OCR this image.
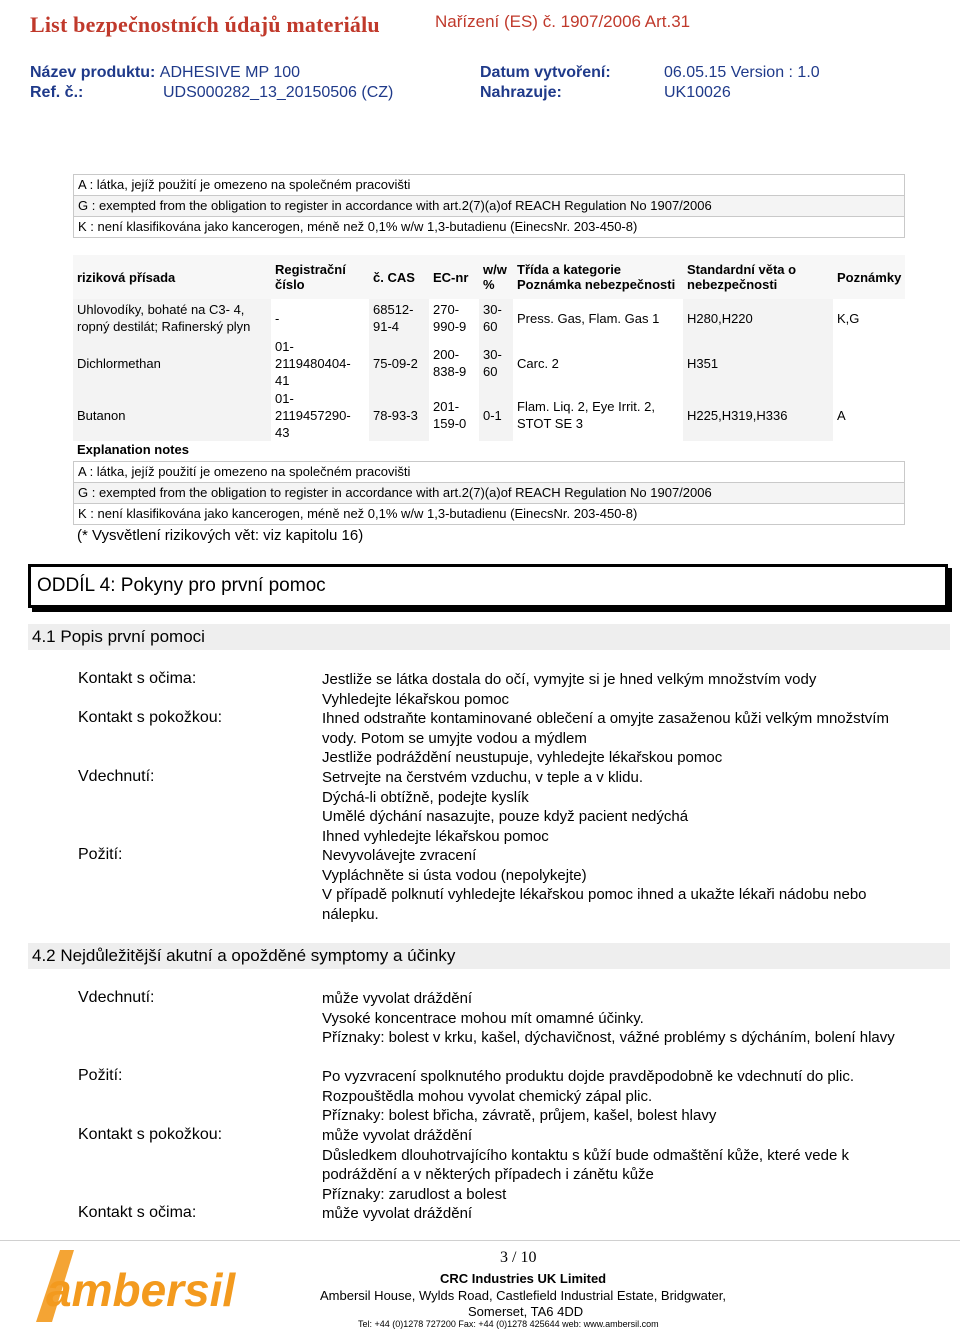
List bezpečnostních údajů materiálu	Nařízení (ES) č. 1907/2006 Art.31
Název produktu: ADHESIVE MP 100
Ref. č.:	UDS000282_13_20150506 (CZ)
Datum vytvoření:	06.05.15 Version : 1.0
Nahrazuje:	UK10026
A : látka, jejíž použití je omezeno na společném pracovišti
G : exempted from the obligation to register in accordance with art.2(7)(a)of REACH Regulation No 1907/2006
K : není klasifikována jako kancerogen, méně než 0,1% w/w 1,3-butadienu (EinecsNr. 203-450-8)
riziková přísada	Registrační číslo	č. CAS	EC-nr	w/w %	Třída a kategorie Poznámka nebezpečnosti	Standardní věta o nebezpečnosti	Poznámky
Uhlovodíky, bohaté na C3- 4, ropný destilát; Rafinerský plyn	-	68512-91-4	270-990-9	30-60	Press. Gas, Flam. Gas 1	H280,H220	K,G
Dichlormethan	01-2119480404-41	75-09-2	200-838-9	30-60	Carc. 2	H351	
Butanon	01-2119457290-43	78-93-3	201-159-0	0-1	Flam. Liq. 2, Eye Irrit. 2, STOT SE 3	H225,H319,H336	A
Explanation notes
A : látka, jejíž použití je omezeno na společném pracovišti
G : exempted from the obligation to register in accordance with art.2(7)(a)of REACH Regulation No 1907/2006
K : není klasifikována jako kancerogen, méně než 0,1% w/w 1,3-butadienu (EinecsNr. 203-450-8)
(* Vysvětlení rizikových vět: viz kapitolu 16)
ODDÍL 4: Pokyny pro první pomoc
4.1 Popis první pomoci
Kontakt s očima:	Jestliže se látka dostala do očí, vymyjte si je hned velkým množstvím vody
Vyhledejte lékařskou pomoc
Kontakt s pokožkou:	Ihned odstraňte kontaminované oblečení a omyjte zasaženou kůži velkým množstvím vody. Potom se umyjte vodou a mýdlem
Jestliže podráždění neustupuje, vyhledejte lékařskou pomoc
Vdechnutí:	Setrvejte na čerstvém vzduchu, v teple a v klidu.
Dýchá-li obtížně, podejte kyslík
Umělé dýchání nasazujte, pouze když pacient nedýchá
Ihned vyhledejte lékařskou pomoc
Požití:	Nevyvolávejte zvracení
Vypláchněte si ústa vodou (nepolykejte)
V případě polknutí vyhledejte lékařskou pomoc ihned a ukažte lékaři nádobu nebo nálepku.
4.2 Nejdůležitější akutní a opožděné symptomy a účinky
Vdechnutí:	může vyvolat dráždění
Vysoké koncentrace mohou mít omamné účinky.
Příznaky: bolest v krku, kašel, dýchavičnost, vážné problémy s dýcháním, bolení hlavy
Požití:	Po vyzvracení spolknutého produktu dojde pravděpodobně ke vdechnutí do plic. Rozpouštědla mohou vyvolat chemický zápal plic.
Příznaky: bolest břicha, závratě, průjem, kašel, bolest hlavy
Kontakt s pokožkou:	může vyvolat dráždění
Důsledkem dlouhotrvajícího kontaktu s kůží bude odmaštění kůže, které vede k podráždění a v některých případech i zánětu kůže
Příznaky: zarudlost a bolest
Kontakt s očima:	může vyvolat dráždění
ambersil
3 / 10
CRC Industries UK Limited
Ambersil House, Wylds Road, Castlefield Industrial Estate, Bridgwater,
Somerset, TA6 4DD
Tel: +44 (0)1278 727200 Fax: +44 (0)1278 425644 web: www.ambersil.com
